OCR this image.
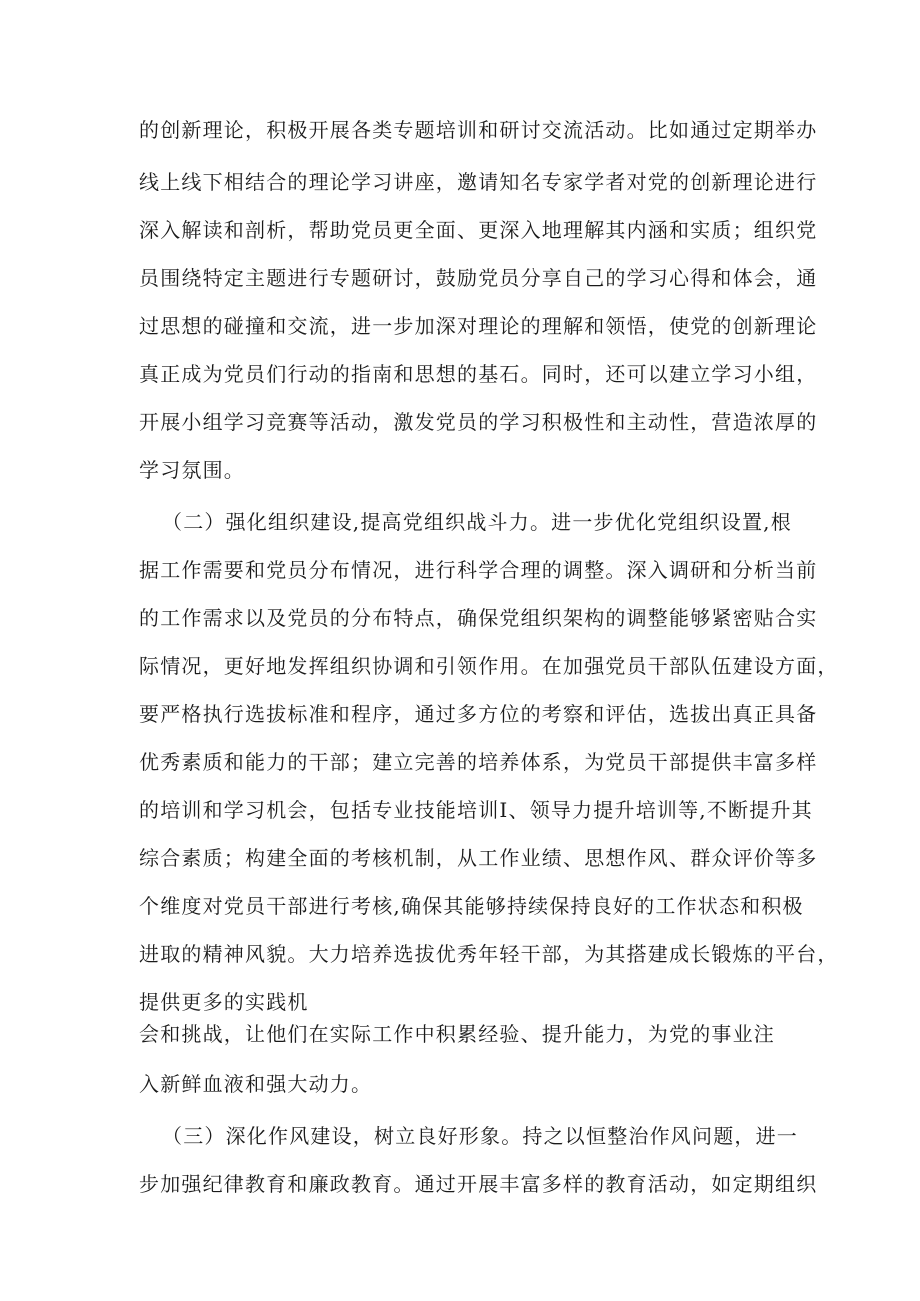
的创新理论，积极开展各类专题培训和研讨交流活动。比如通过定期举办
线上线下相结合的理论学习讲座，邀请知名专家学者对党的创新理论进行
深入解读和剖析，帮助党员更全面、更深入地理解其内涵和实质；组织党
员围绕特定主题进行专题研讨，鼓励党员分享自己的学习心得和体会，通
过思想的碰撞和交流，进一步加深对理论的理解和领悟，使党的创新理论
真正成为党员们行动的指南和思想的基石。同时，还可以建立学习小组，
开展小组学习竞赛等活动，激发党员的学习积极性和主动性，营造浓厚的
学习氛围。
（二）强化组织建设,提高党组织战斗力。进一步优化党组织设置,根
据工作需要和党员分布情况，进行科学合理的调整。深入调研和分析当前
的工作需求以及党员的分布特点，确保党组织架构的调整能够紧密贴合实
际情况，更好地发挥组织协调和引领作用。在加强党员干部队伍建设方面，
要严格执行选拔标准和程序，通过多方位的考察和评估，选拔出真正具备
优秀素质和能力的干部；建立完善的培养体系，为党员干部提供丰富多样
的培训和学习机会，包括专业技能培训I、领导力提升培训等,不断提升其
综合素质；构建全面的考核机制，从工作业绩、思想作风、群众评价等多
个维度对党员干部进行考核,确保其能够持续保持良好的工作状态和积极
进取的精神风貌。大力培养选拔优秀年轻干部，为其搭建成长锻炼的平台，
提供更多的实践机
会和挑战，让他们在实际工作中积累经验、提升能力，为党的事业注
入新鲜血液和强大动力。
（三）深化作风建设，树立良好形象。持之以恒整治作风问题，进一
步加强纪律教育和廉政教育。通过开展丰富多样的教育活动，如定期组织
